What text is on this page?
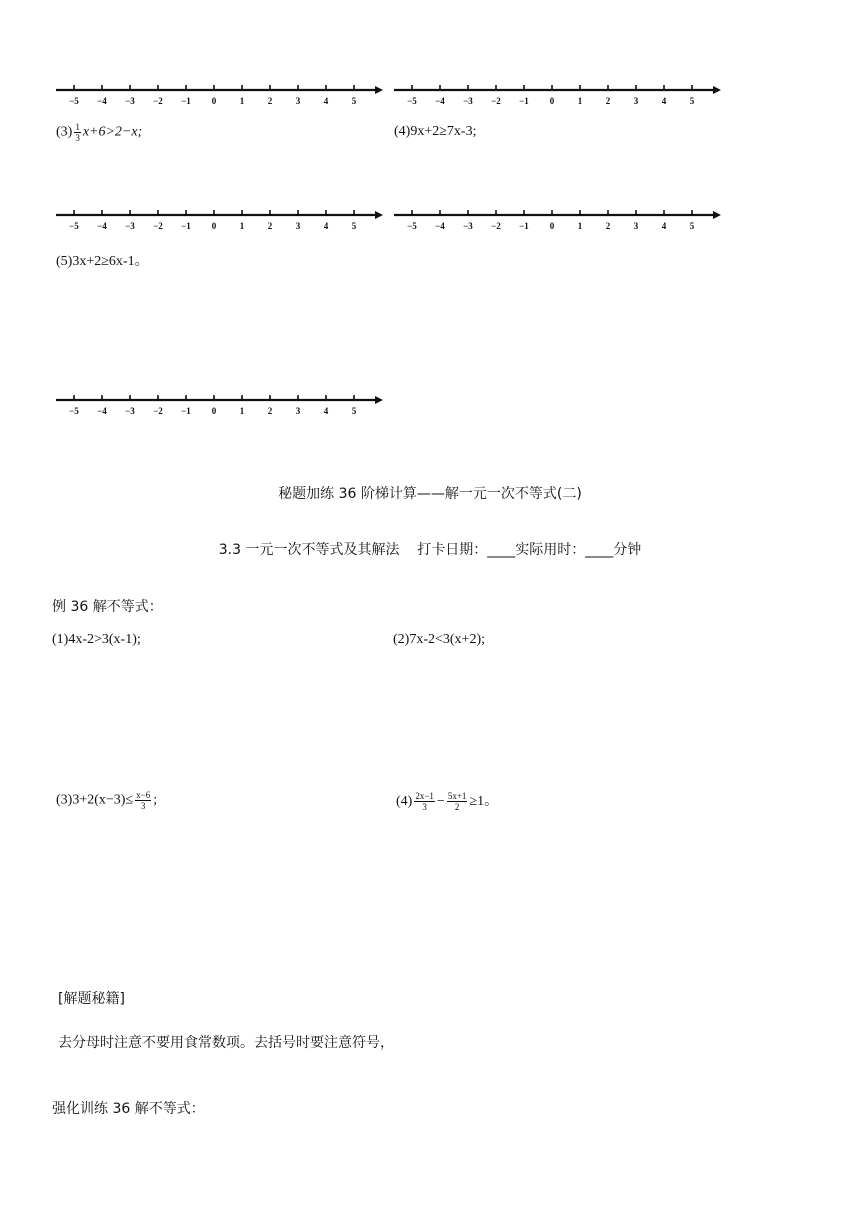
−5 −4 −3 −2 −1 0	1	2	3	4	5	−5 −4 −3 −2 −1 0	1	2	3	4	5
$(3) \frac{1}{3} x+6>2-x$;	(4)9x+2≥7x-3;
−5 −4 −3 −2 −1 0	1	2	3	4	5	−5 −4 −3 −2 −1 0	1	2	3	4	5
(5)3x+2≥6x-1。
−5 −4 −3 −2 −1 0	1	2	3	4	5
秘题加练 36 阶梯计算——解一元一次不等式(二)
3.3 一元一次不等式及其解法    打卡日期：____实际用时：____分钟
例 36 解不等式：
(1)4x-2>3(x-1);	(2)7x-2<3(x+2);
$(3)3+2(x-3)\le \frac{x-6}{3}$ ;	$(4) \frac{2x-1}{3} - \frac{5x+1}{2} \ge 1$。
[解题秘籍]
去分母时注意不要用食常数项。去括号时要注意符号，
强化训练 36 解不等式：
